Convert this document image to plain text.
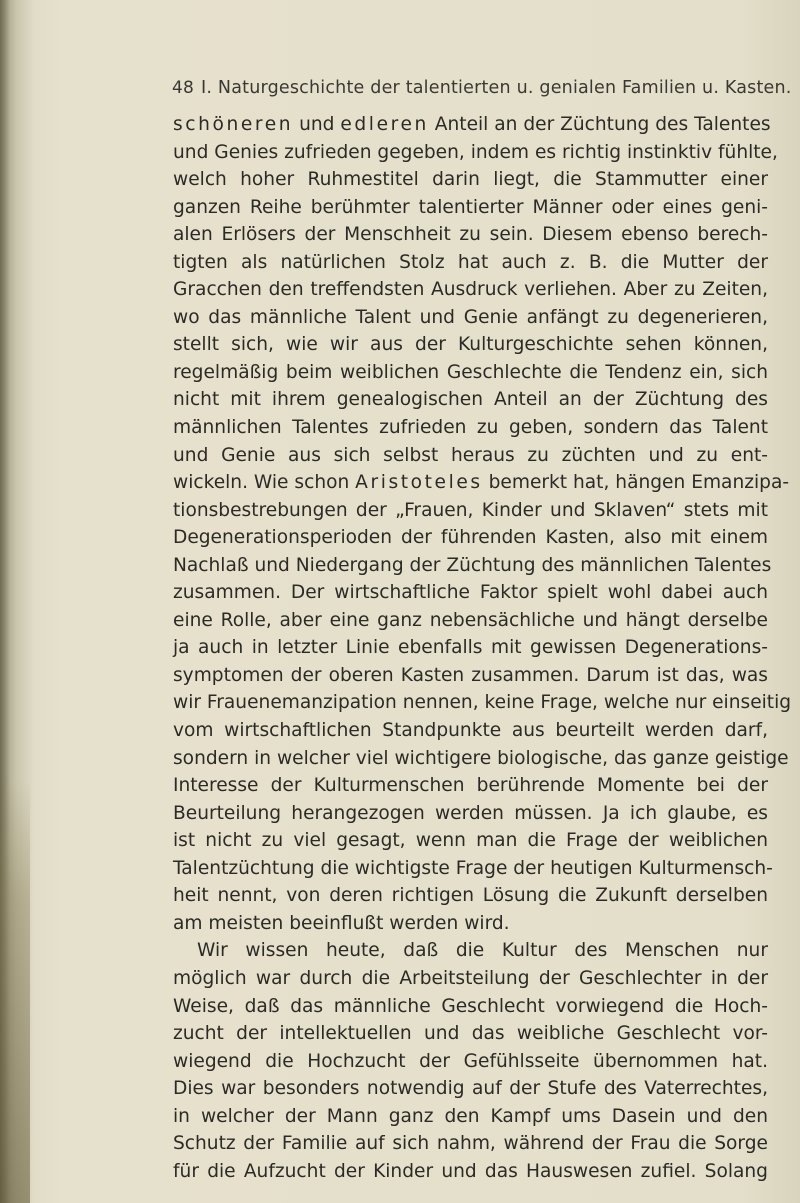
48 I. Naturgeschichte der talentierten u. genialen Familien u. Kasten.
schöneren und edleren Anteil an der Züchtung des Talentes
und Genies zufrieden gegeben, indem es richtig instinktiv fühlte,
welch hoher Ruhmestitel darin liegt, die Stammutter einer
ganzen Reihe berühmter talentierter Männer oder eines geni-
alen Erlösers der Menschheit zu sein. Diesem ebenso berech-
tigten als natürlichen Stolz hat auch z. B. die Mutter der
Gracchen den treffendsten Ausdruck verliehen. Aber zu Zeiten,
wo das männliche Talent und Genie anfängt zu degenerieren,
stellt sich, wie wir aus der Kulturgeschichte sehen können,
regelmäßig beim weiblichen Geschlechte die Tendenz ein, sich
nicht mit ihrem genealogischen Anteil an der Züchtung des
männlichen Talentes zufrieden zu geben, sondern das Talent
und Genie aus sich selbst heraus zu züchten und zu ent-
wickeln. Wie schon Aristoteles bemerkt hat, hängen Emanzipa-
tionsbestrebungen der „Frauen, Kinder und Sklaven“ stets mit
Degenerationsperioden der führenden Kasten, also mit einem
Nachlaß und Niedergang der Züchtung des männlichen Talentes
zusammen. Der wirtschaftliche Faktor spielt wohl dabei auch
eine Rolle, aber eine ganz nebensächliche und hängt derselbe
ja auch in letzter Linie ebenfalls mit gewissen Degenerations-
symptomen der oberen Kasten zusammen. Darum ist das, was
wir Frauenemanzipation nennen, keine Frage, welche nur einseitig
vom wirtschaftlichen Standpunkte aus beurteilt werden darf,
sondern in welcher viel wichtigere biologische, das ganze geistige
Interesse der Kulturmenschen berührende Momente bei der
Beurteilung herangezogen werden müssen. Ja ich glaube, es
ist nicht zu viel gesagt, wenn man die Frage der weiblichen
Talentzüchtung die wichtigste Frage der heutigen Kulturmensch-
heit nennt, von deren richtigen Lösung die Zukunft derselben
am meisten beeinflußt werden wird.
Wir wissen heute, daß die Kultur des Menschen nur
möglich war durch die Arbeitsteilung der Geschlechter in der
Weise, daß das männliche Geschlecht vorwiegend die Hoch-
zucht der intellektuellen und das weibliche Geschlecht vor-
wiegend die Hochzucht der Gefühlsseite übernommen hat.
Dies war besonders notwendig auf der Stufe des Vaterrechtes,
in welcher der Mann ganz den Kampf ums Dasein und den
Schutz der Familie auf sich nahm, während der Frau die Sorge
für die Aufzucht der Kinder und das Hauswesen zufiel. Solang
